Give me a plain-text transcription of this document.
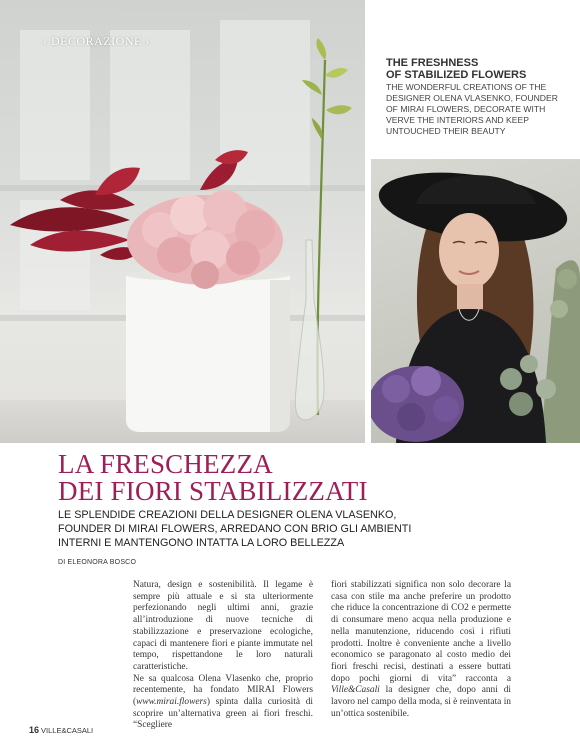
‹ DECORAZIONE ›
THE FRESHNESS
OF STABILIZED FLOWERS
THE WONDERFUL CREATIONS OF THE DESIGNER OLENA VLASENKO, FOUNDER OF MIRAI FLOWERS, DECORATE WITH VERVE THE INTERIORS AND KEEP UNTOUCHED THEIR BEAUTY
LA FRESCHEZZA
DEI FIORI STABILIZZATI
LE SPLENDIDE CREAZIONI DELLA DESIGNER OLENA VLASENKO,
FOUNDER DI MIRAI FLOWERS, ARREDANO CON BRIO GLI AMBIENTI
INTERNI E MANTENGONO INTATTA LA LORO BELLEZZA
DI ELEONORA BOSCO

Natura, design e sostenibilità. Il legame è sempre più attuale e si sta ulteriormente perfezionando negli ultimi anni, grazie all’introduzione di nuove tecniche di stabilizzazione e preservazione ecologiche, capaci di mantenere fiori e piante immutate nel tempo, rispettandone le loro naturali caratteristiche.

Ne sa qualcosa Olena Vlasenko che, proprio recentemente, ha fondato MIRAI Flowers (www.mirai.flowers) spinta dalla curiosità di scoprire un’alternativa green ai fiori freschi. “Scegliere

fiori stabilizzati significa non solo decorare la casa con stile ma anche preferire un prodotto che riduce la concentrazione di CO2 e permette di consumare meno acqua nella produzione e nella manutenzione, riducendo così i rifiuti prodotti. Inoltre è conveniente anche a livello economico se paragonato al costo medio dei fiori freschi recisi, destinati a essere buttati dopo pochi giorni di vita” racconta a Ville&Casali la designer che, dopo anni di lavoro nel campo della moda, si è reinventata in un’ottica sostenibile.

16 VILLE&CASALI
